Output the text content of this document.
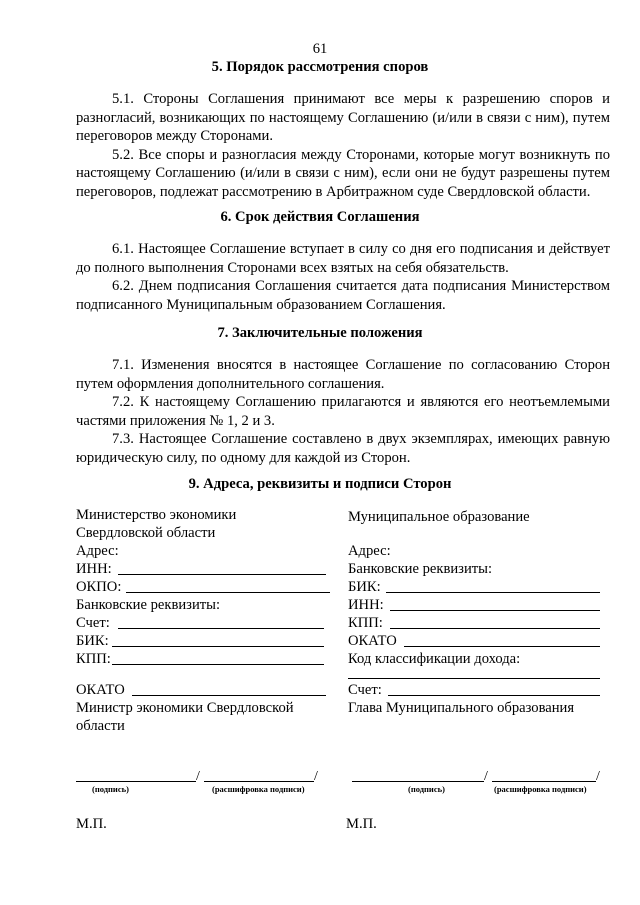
61
5. Порядок рассмотрения споров

5.1. Стороны Соглашения принимают все меры к разрешению споров и разногласий, возникающих по настоящему Соглашению (и/или в связи с ним), путем переговоров между Сторонами.

5.2. Все споры и разногласия между Сторонами, которые могут возникнуть по настоящему Соглашению (и/или в связи с ним), если они не будут разрешены путем переговоров, подлежат рассмотрению в Арбитражном суде Свердловской области.

6. Срок действия Соглашения

6.1. Настоящее Соглашение вступает в силу со дня его подписания и действует до полного выполнения Сторонами всех взятых на себя обязательств.

6.2. Днем подписания Соглашения считается дата подписания Министерством подписанного Муниципальным образованием Соглашения.

7. Заключительные положения

7.1. Изменения вносятся в настоящее Соглашение по согласованию Сторон путем оформления дополнительного соглашения.

7.2. К настоящему Соглашению прилагаются и являются его неотъемлемыми частями приложения № 1, 2 и 3.

7.3. Настоящее Соглашение составлено в двух экземплярах, имеющих равную юридическую силу, по одному для каждой из Сторон.

9. Адреса, реквизиты и подписи Сторон
Министерство экономики
Свердловской области
Адрес:
ИНН:
ОКПО:
Банковские реквизиты:
Счет:
БИК:
КПП:
ОКАТО
Министр экономики Свердловской
области
/	/
(подпись)	(расшифровка подписи)
М.П.
Муниципальное образование
Адрес:
Банковские реквизиты:
БИК:
ИНН:
КПП:
ОКАТО
Код классификации дохода:
Счет:
Глава Муниципального образования
/	/
(подпись)	(расшифровка подписи)
М.П.
